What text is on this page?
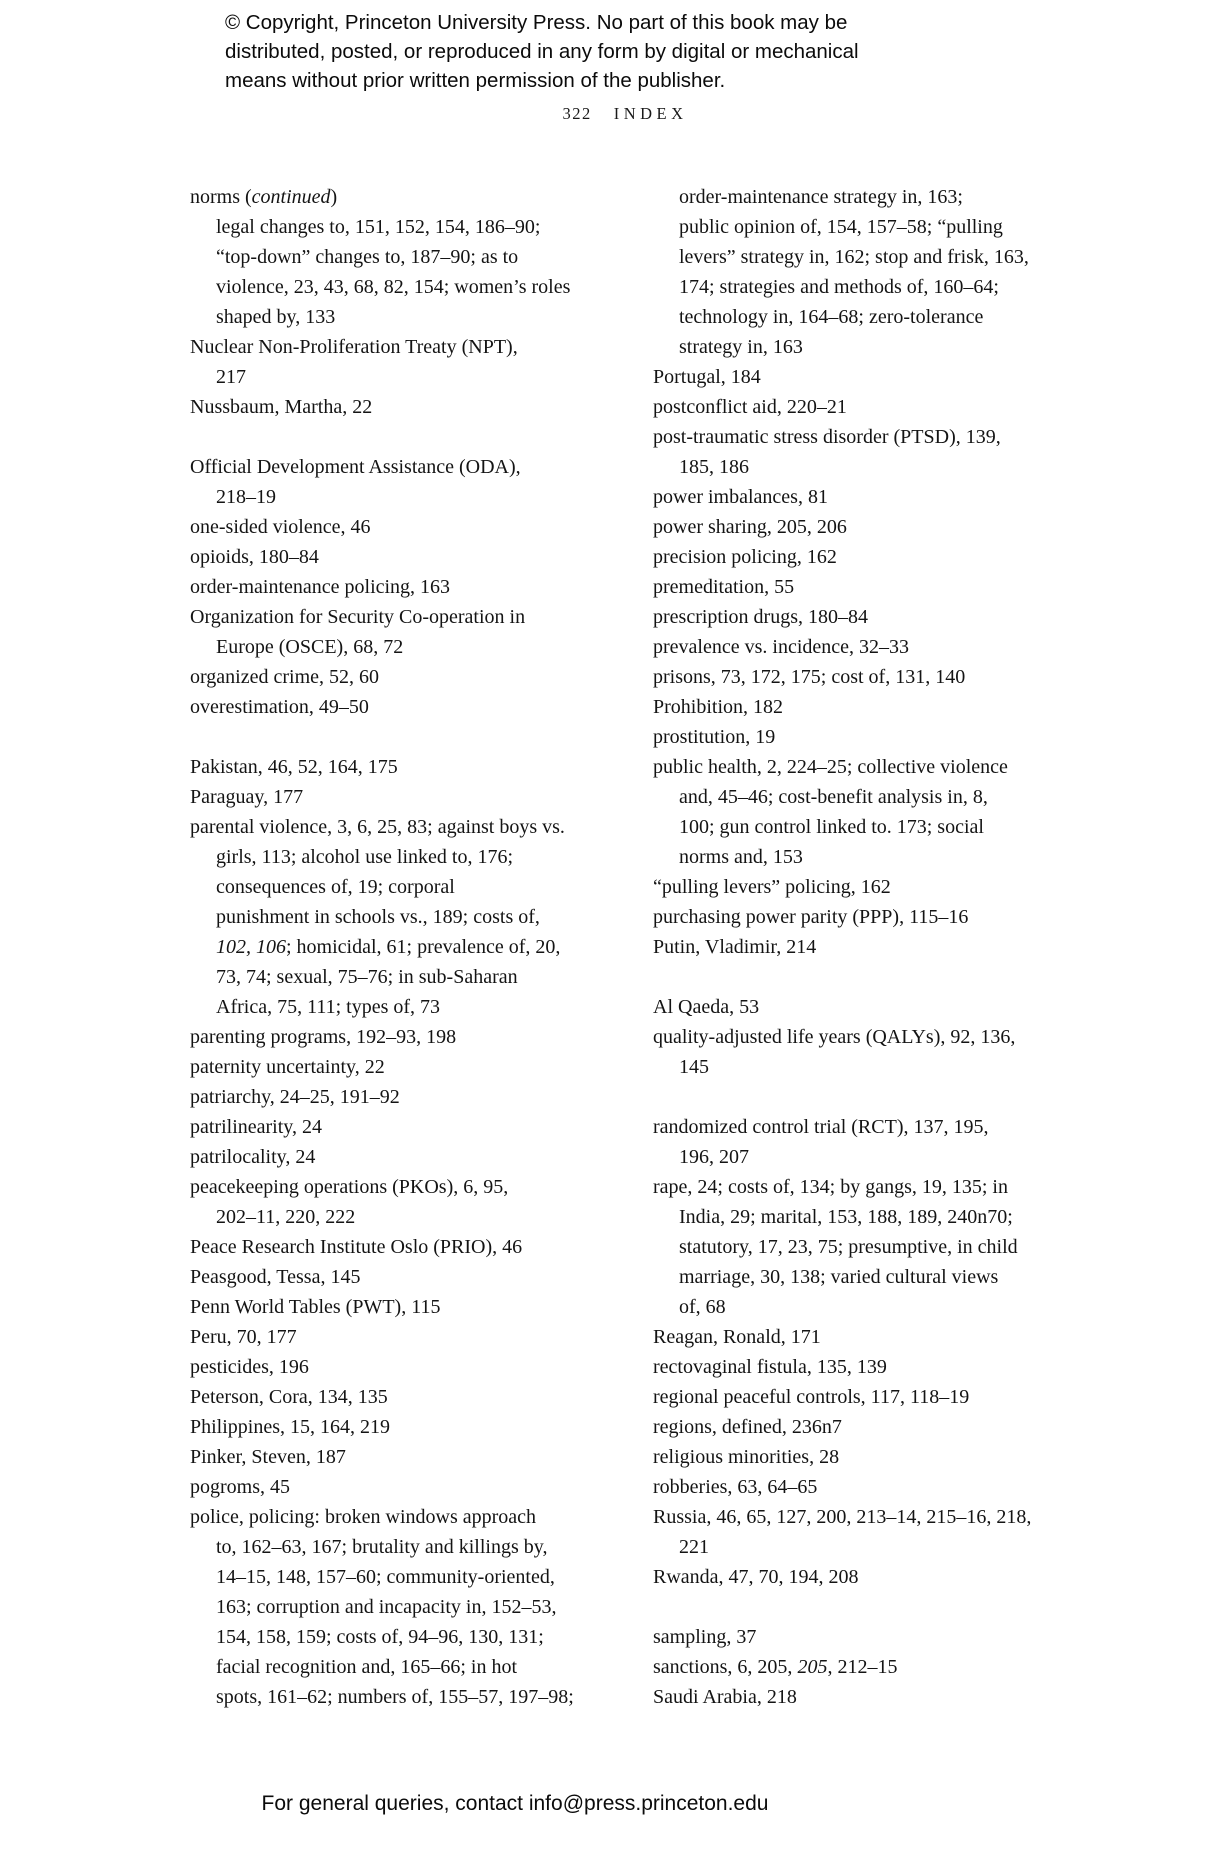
© Copyright, Princeton University Press. No part of this book may be
distributed, posted, or reproduced in any form by digital or mechanical
means without prior written permission of the publisher.
322 INDEX
norms (continued)
legal changes to, 151, 152, 154, 186–90;
“top-down” changes to, 187–90; as to
violence, 23, 43, 68, 82, 154; women’s roles
shaped by, 133
Nuclear Non-Proliferation Treaty (NPT),
217
Nussbaum, Martha, 22
Official Development Assistance (ODA),
218–19
one-sided violence, 46
opioids, 180–84
order-maintenance policing, 163
Organization for Security Co-operation in
Europe (OSCE), 68, 72
organized crime, 52, 60
overestimation, 49–50
Pakistan, 46, 52, 164, 175
Paraguay, 177
parental violence, 3, 6, 25, 83; against boys vs.
girls, 113; alcohol use linked to, 176;
consequences of, 19; corporal
punishment in schools vs., 189; costs of,
102, 106; homicidal, 61; prevalence of, 20,
73, 74; sexual, 75–76; in sub-Saharan
Africa, 75, 111; types of, 73
parenting programs, 192–93, 198
paternity uncertainty, 22
patriarchy, 24–25, 191–92
patrilinearity, 24
patrilocality, 24
peacekeeping operations (PKOs), 6, 95,
202–11, 220, 222
Peace Research Institute Oslo (PRIO), 46
Peasgood, Tessa, 145
Penn World Tables (PWT), 115
Peru, 70, 177
pesticides, 196
Peterson, Cora, 134, 135
Philippines, 15, 164, 219
Pinker, Steven, 187
pogroms, 45
police, policing: broken windows approach
to, 162–63, 167; brutality and killings by,
14–15, 148, 157–60; community-oriented,
163; corruption and incapacity in, 152–53,
154, 158, 159; costs of, 94–96, 130, 131;
facial recognition and, 165–66; in hot
spots, 161–62; numbers of, 155–57, 197–98;
order-maintenance strategy in, 163;
public opinion of, 154, 157–58; “pulling
levers” strategy in, 162; stop and frisk, 163,
174; strategies and methods of, 160–64;
technology in, 164–68; zero-tolerance
strategy in, 163
Portugal, 184
postconflict aid, 220–21
post-traumatic stress disorder (PTSD), 139,
185, 186
power imbalances, 81
power sharing, 205, 206
precision policing, 162
premeditation, 55
prescription drugs, 180–84
prevalence vs. incidence, 32–33
prisons, 73, 172, 175; cost of, 131, 140
Prohibition, 182
prostitution, 19
public health, 2, 224–25; collective violence
and, 45–46; cost-benefit analysis in, 8,
100; gun control linked to. 173; social
norms and, 153
“pulling levers” policing, 162
purchasing power parity (PPP), 115–16
Putin, Vladimir, 214
Al Qaeda, 53
quality-adjusted life years (QALYs), 92, 136,
145
randomized control trial (RCT), 137, 195,
196, 207
rape, 24; costs of, 134; by gangs, 19, 135; in
India, 29; marital, 153, 188, 189, 240n70;
statutory, 17, 23, 75; presumptive, in child
marriage, 30, 138; varied cultural views
of, 68
Reagan, Ronald, 171
rectovaginal fistula, 135, 139
regional peaceful controls, 117, 118–19
regions, defined, 236n7
religious minorities, 28
robberies, 63, 64–65
Russia, 46, 65, 127, 200, 213–14, 215–16, 218,
221
Rwanda, 47, 70, 194, 208
sampling, 37
sanctions, 6, 205, 205, 212–15
Saudi Arabia, 218
For general queries, contact info@press.princeton.edu
